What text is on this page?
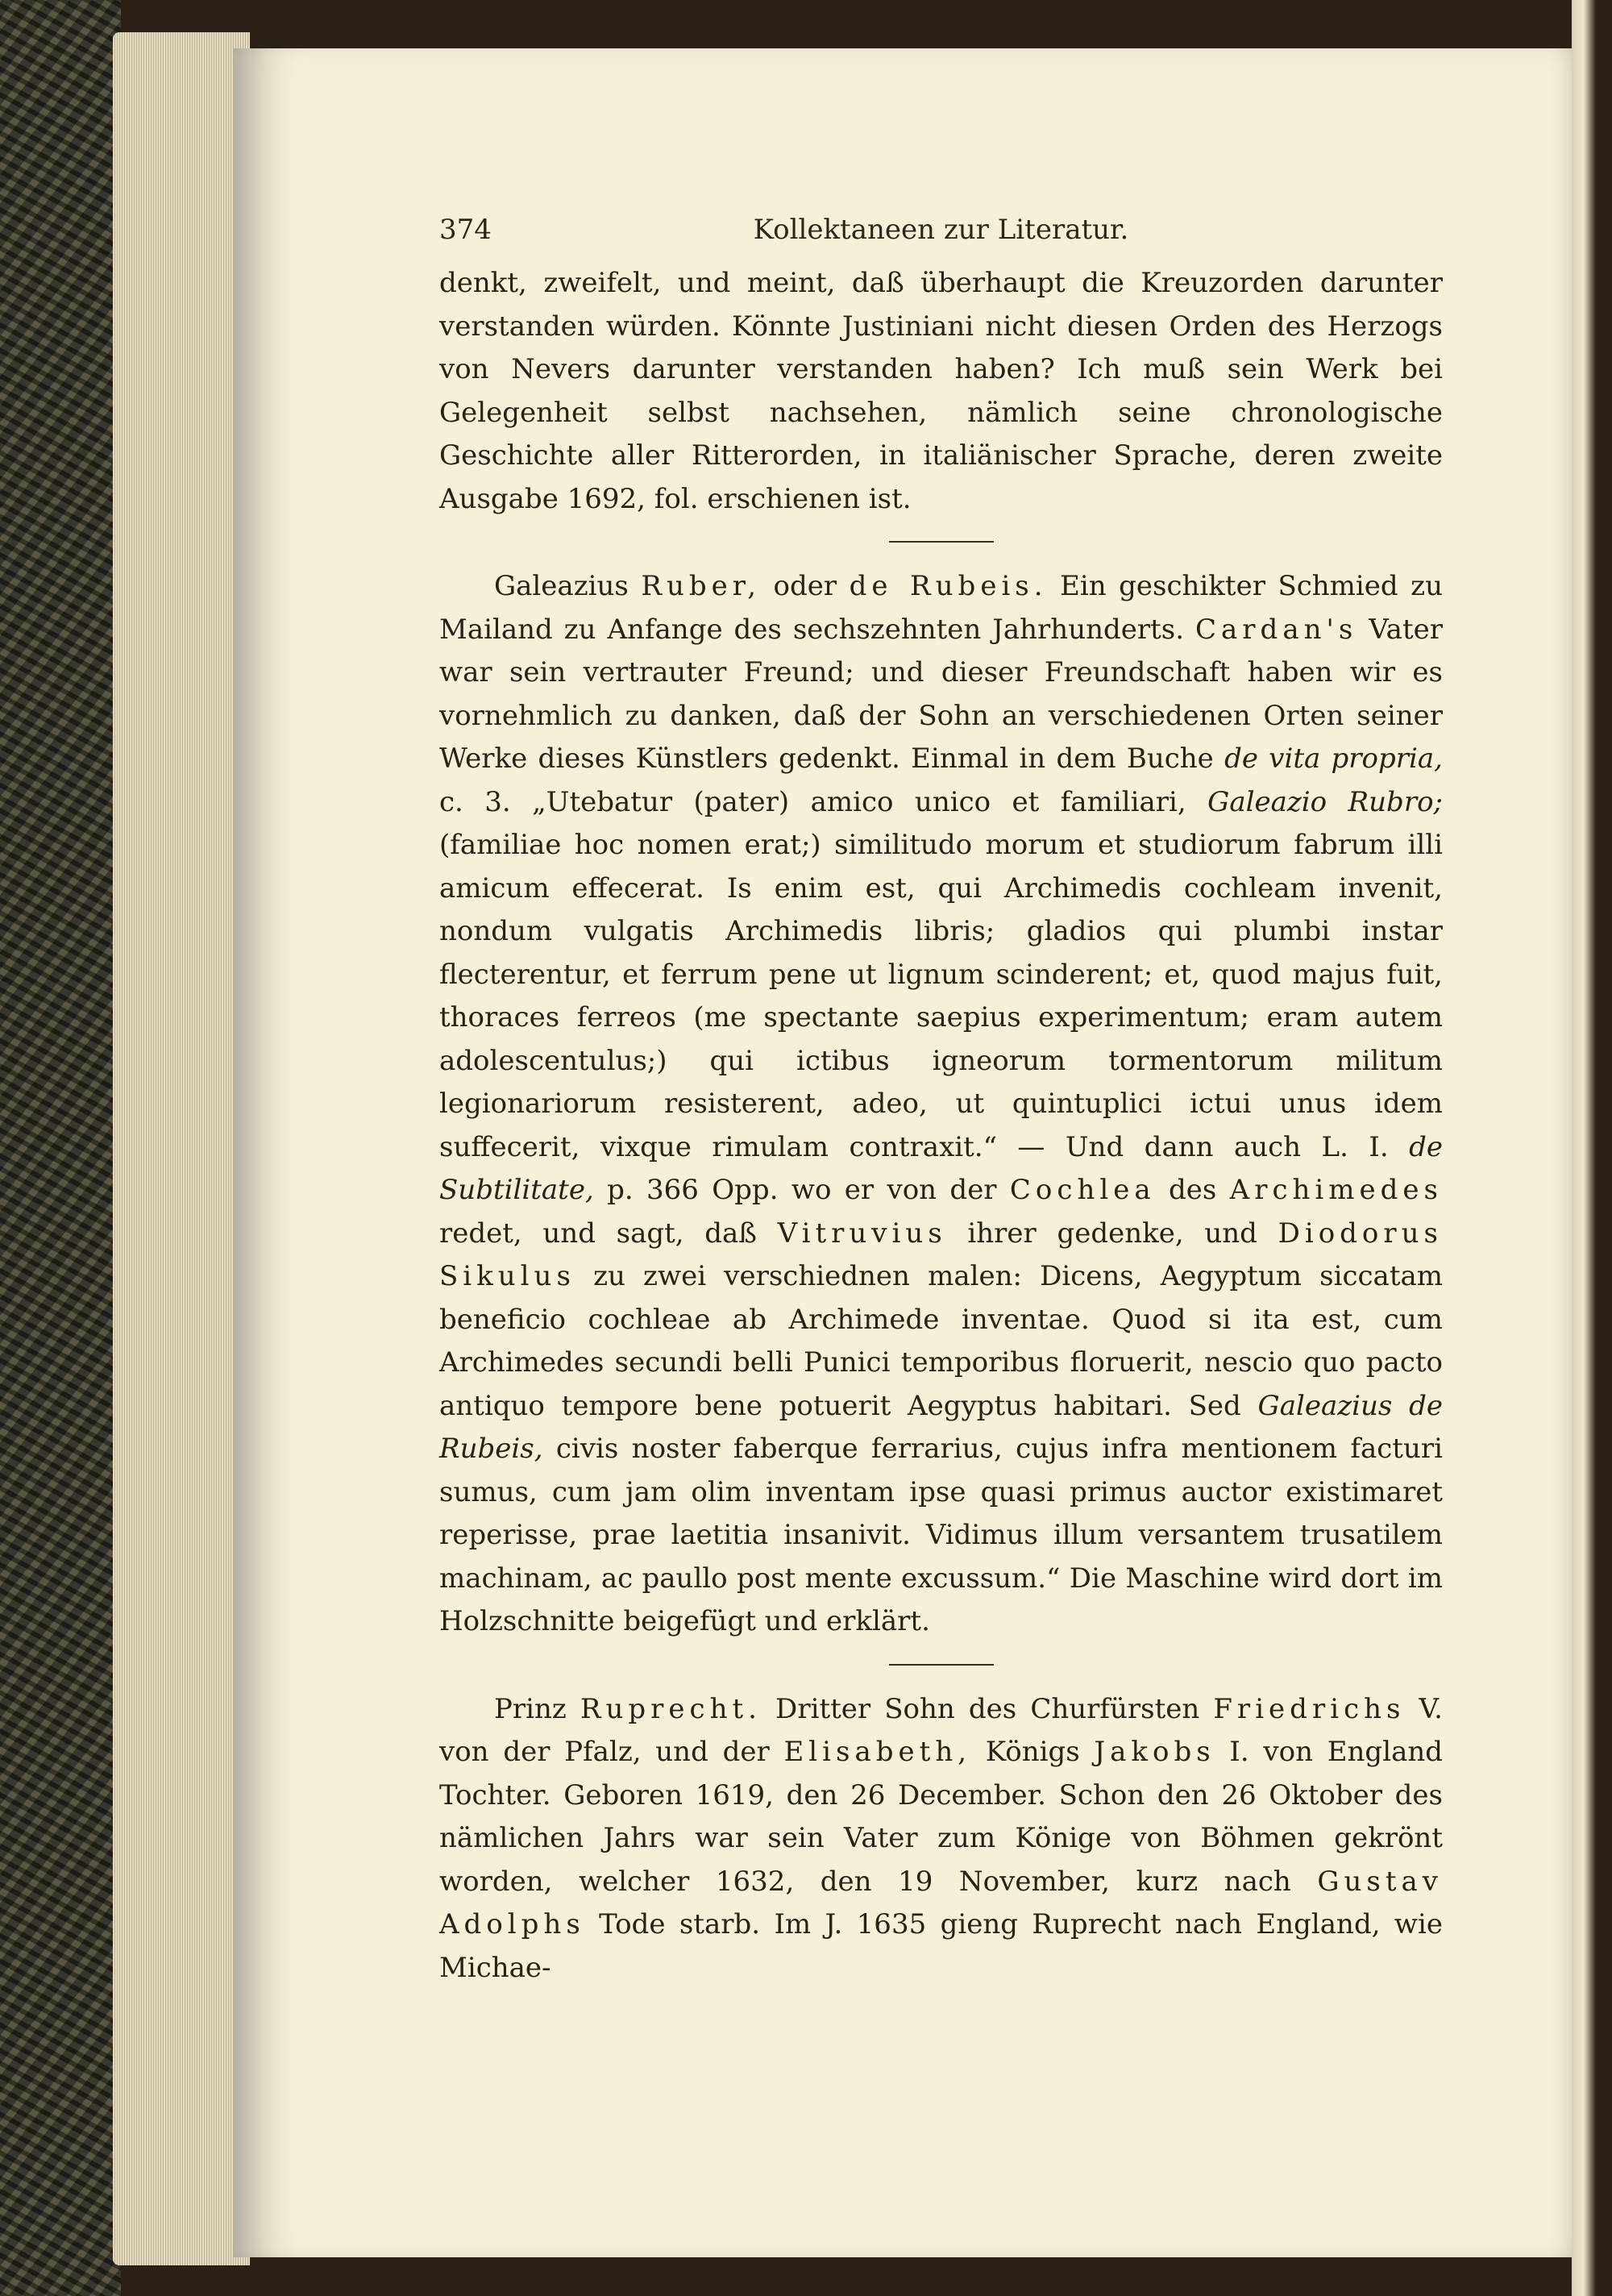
374	Kollektaneen zur Literatur.

denkt, zweifelt, und meint, daß überhaupt die Kreuzorden darunter verstanden würden. Könnte Justiniani nicht diesen Orden des Herzogs von Nevers darunter verstanden haben? Ich muß sein Werk bei Gelegenheit selbst nachsehen, nämlich seine chronologische Geschichte aller Ritterorden, in italiänischer Sprache, deren zweite Ausgabe 1692, fol. erschienen ist.

Galeazius Ruber, oder de Rubeis. Ein geschikter Schmied zu Mailand zu Anfange des sechszehnten Jahrhunderts. Cardan's Vater war sein vertrauter Freund; und dieser Freundschaft haben wir es vornehmlich zu danken, daß der Sohn an verschiedenen Orten seiner Werke dieses Künstlers gedenkt. Einmal in dem Buche de vita propria, c. 3. „Utebatur (pater) amico unico et familiari, Galeazio Rubro; (familiae hoc nomen erat;) similitudo morum et studiorum fabrum illi amicum effecerat. Is enim est, qui Archimedis cochleam invenit, nondum vulgatis Archimedis libris; gladios qui plumbi instar flecterentur, et ferrum pene ut lignum scinderent; et, quod majus fuit, thoraces ferreos (me spectante saepius experimentum; eram autem adolescentulus;) qui ictibus igneorum tormentorum militum legionariorum resisterent, adeo, ut quintuplici ictui unus idem suffecerit, vixque rimulam contraxit.“ — Und dann auch L. I. de Subtilitate, p. 366 Opp. wo er von der Cochlea des Archimedes redet, und sagt, daß Vitruvius ihrer gedenke, und Diodorus Sikulus zu zwei verschiednen malen: Dicens, Aegyptum siccatam beneficio cochleae ab Archimede inventae. Quod si ita est, cum Archimedes secundi belli Punici temporibus floruerit, nescio quo pacto antiquo tempore bene potuerit Aegyptus habitari. Sed Galeazius de Rubeis, civis noster faberque ferrarius, cujus infra mentionem facturi sumus, cum jam olim inventam ipse quasi primus auctor existimaret reperisse, prae laetitia insanivit. Vidimus illum versantem trusatilem machinam, ac paullo post mente excussum.“ Die Maschine wird dort im Holzschnitte beigefügt und erklärt.

Prinz Ruprecht. Dritter Sohn des Churfürsten Friedrichs V. von der Pfalz, und der Elisabeth, Königs Jakobs I. von England Tochter. Geboren 1619, den 26 December. Schon den 26 Oktober des nämlichen Jahrs war sein Vater zum Könige von Böhmen gekrönt worden, welcher 1632, den 19 November, kurz nach Gustav Adolphs Tode starb. Im J. 1635 gieng Ruprecht nach England, wie Michae-
